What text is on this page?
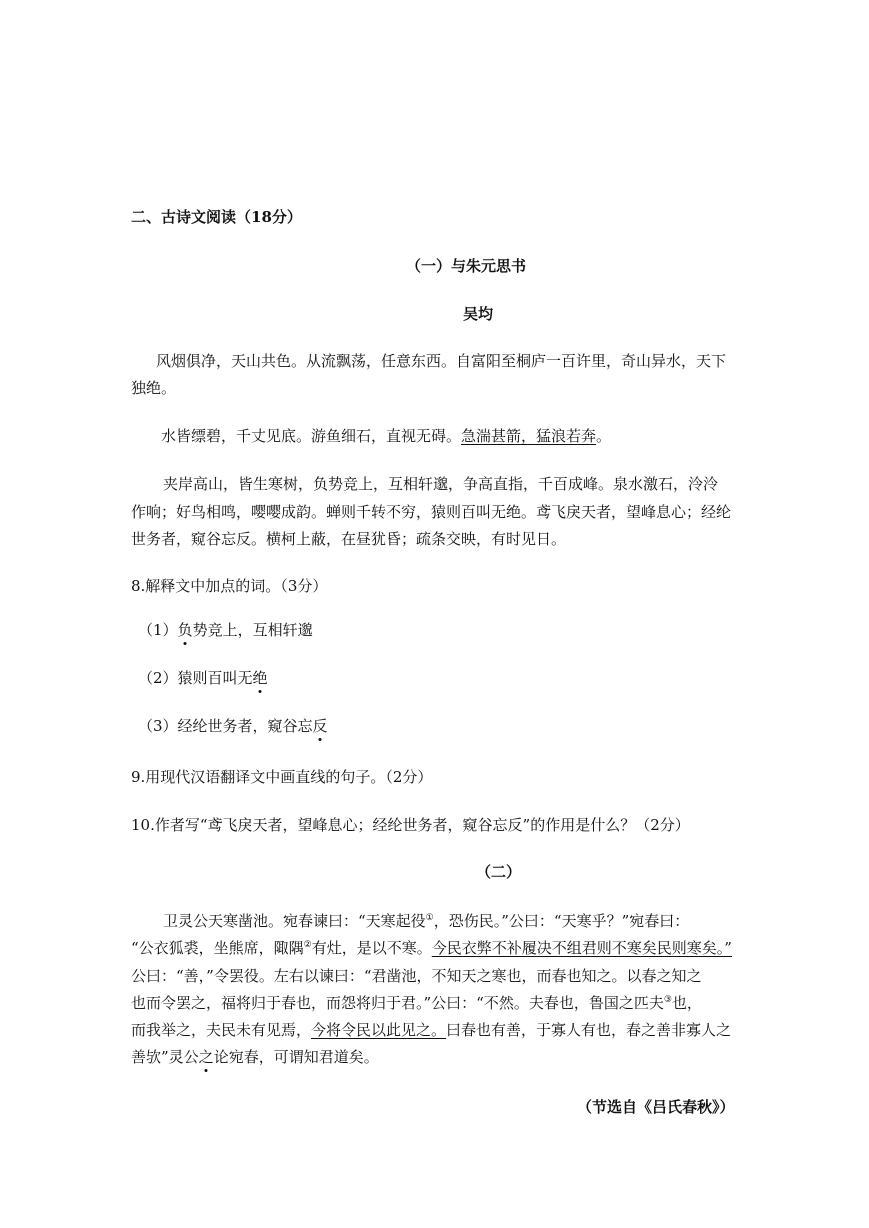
二、古诗文阅读（18分）
（一）与朱元思书
吴均
风烟俱净，天山共色。从流飘荡，任意东西。自富阳至桐庐一百许里，奇山异水，天下
独绝。
水皆缥碧，千丈见底。游鱼细石，直视无碍。急湍甚箭，猛浪若奔。
夹岸高山，皆生寒树，负势竞上，互相轩邈，争高直指，千百成峰。泉水激石，泠泠
作响；好鸟相鸣，嘤嘤成韵。蝉则千转不穷，猿则百叫无绝。鸢飞戾天者，望峰息心；经纶
世务者，窥谷忘反。横柯上蔽，在昼犹昏；疏条交映，有时见日。
8.解释文中加点的词。（3分）
（1）负势竞上，互相轩邈
（2）猿则百叫无绝
（3）经纶世务者，窥谷忘反
9.用现代汉语翻译文中画直线的句子。（2分）
10.作者写“鸢飞戾天者，望峰息心；经纶世务者，窥谷忘反”的作用是什么？（2分）
（二）
卫灵公天寒凿池。宛春谏曰：“天寒起役①，恐伤民。”公曰：“天寒乎？”宛春曰：
“公衣狐裘，坐熊席，陬隅②有灶，是以不寒。今民衣弊不补履决不组君则不寒矣民则寒矣。”
公曰：“善，”令罢役。左右以谏曰：“君凿池，不知天之寒也，而春也知之。以春之知之
也而令罢之，福将归于春也，而怨将归于君。”公曰：“不然。夫春也，鲁国之匹夫③也，
而我举之，夫民未有见焉，今将令民以此见之。曰春也有善，于寡人有也，春之善非寡人之
善欤”灵公之论宛春，可谓知君道矣。
（节选自《吕氏春秋》）
